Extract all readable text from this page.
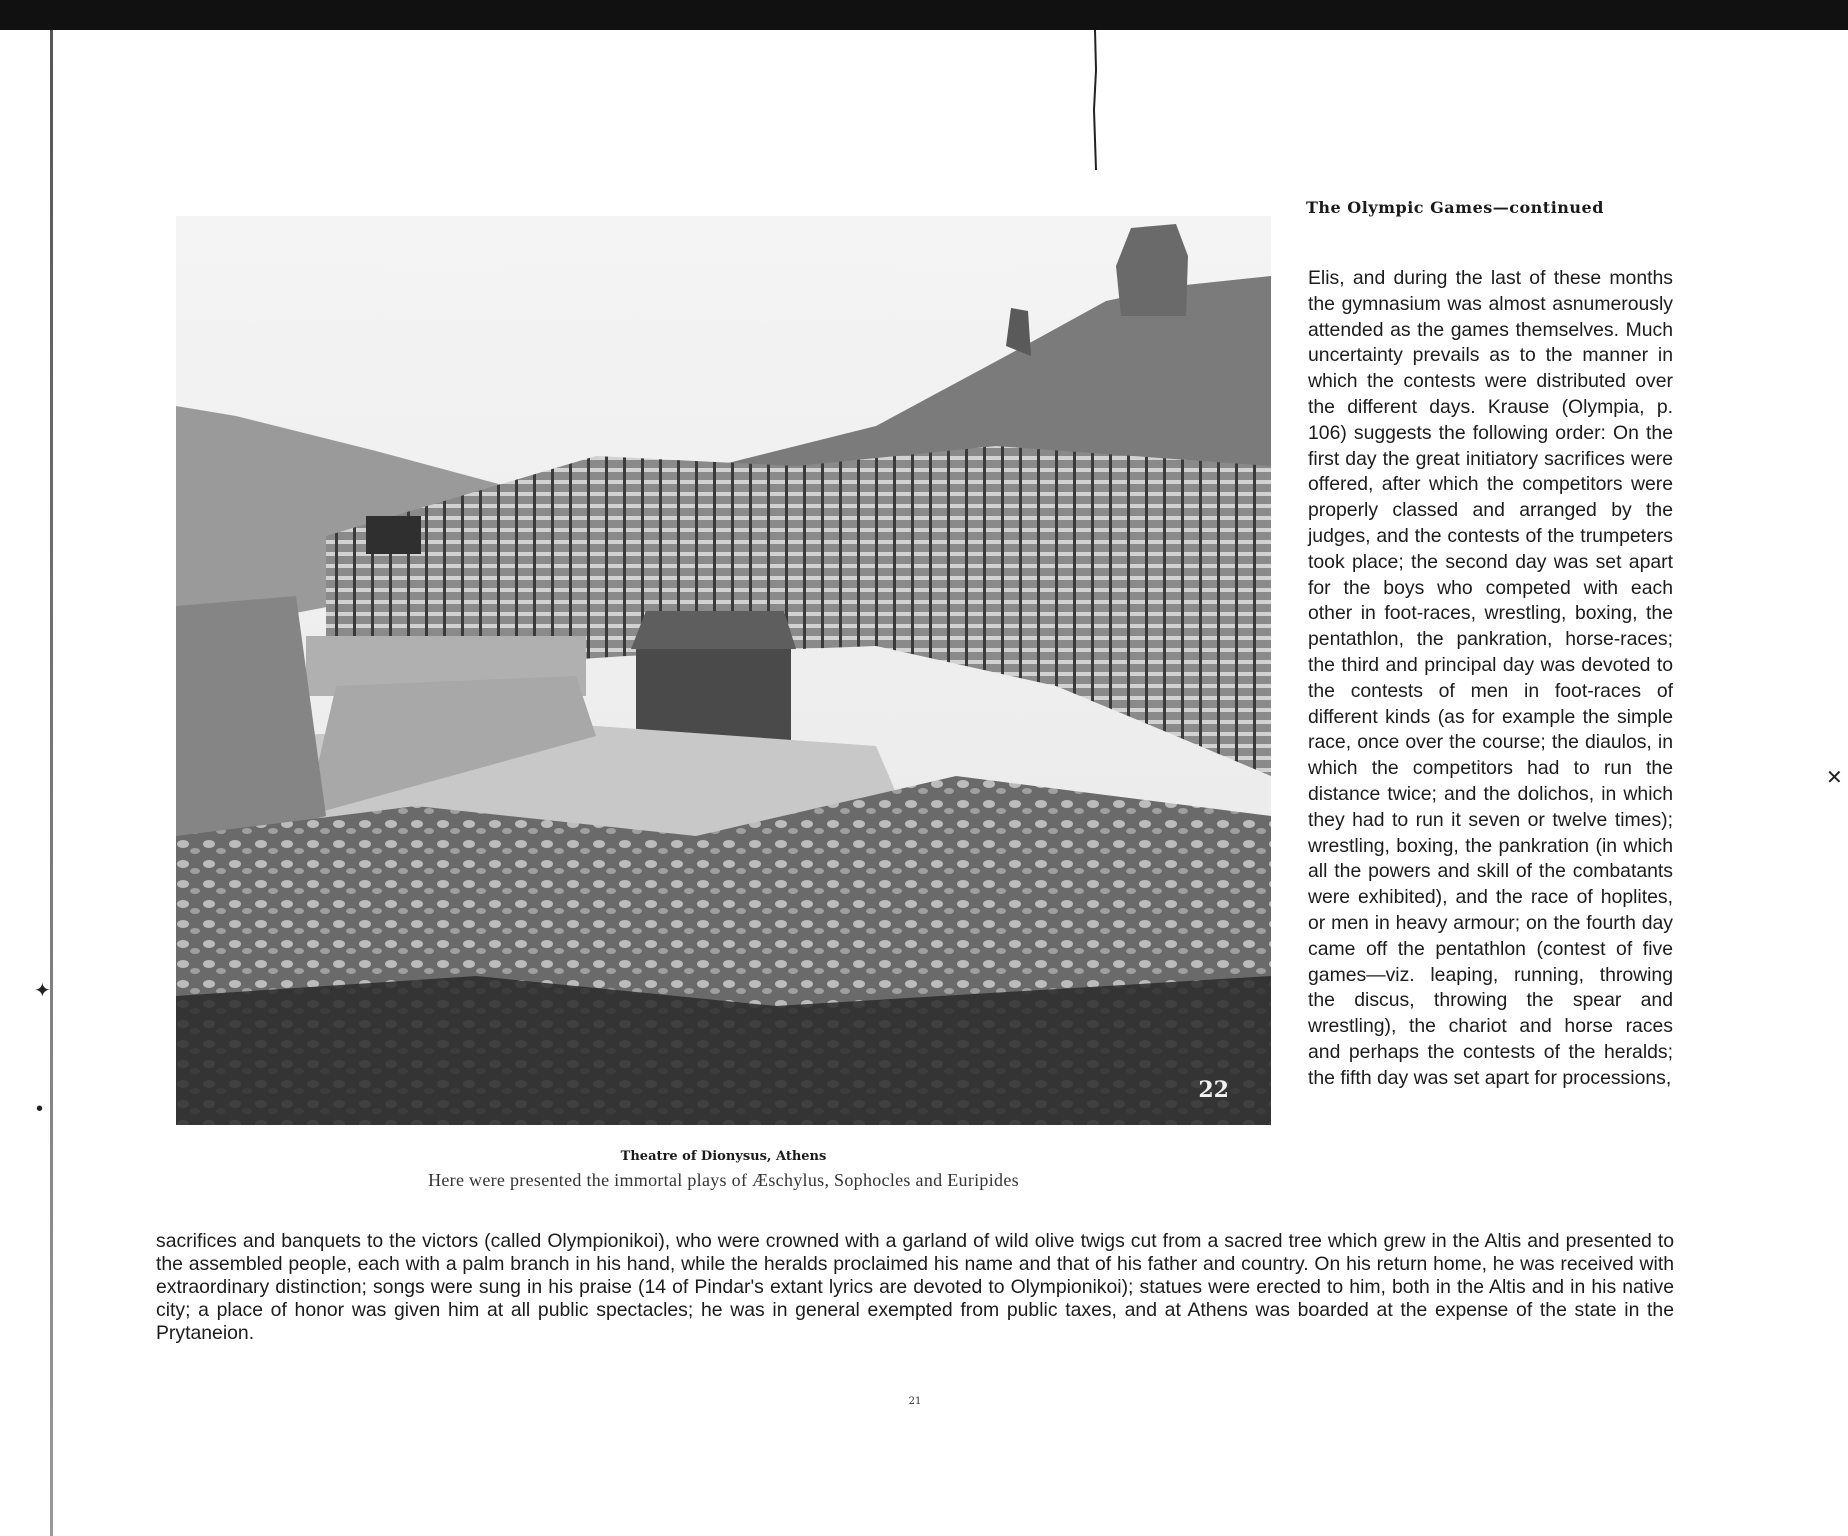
✦
•
✕
The Olympic Games—continued
22
Theatre of Dionysus, Athens
Here were presented the immortal plays of Æschylus, Sophocles and Euripides

Elis, and during the last of these months the gymnasium was almost asnumerously attended as the games themselves. Much uncertainty prevails as to the manner in which the contests were distributed over the different days. Krause (Olympia, p. 106) suggests the following order: On the first day the great initiatory sacrifices were offered, after which the competitors were properly classed and arranged by the judges, and the contests of the trumpeters took place; the second day was set apart for the boys who competed with each other in foot-races, wrestling, boxing, the pentathlon, the pankration, horse-races; the third and principal day was devoted to the contests of men in foot-races of different kinds (as for example the simple race, once over the course; the diaulos, in which the competitors had to run the distance twice; and the dolichos, in which they had to run it seven or twelve times); wrestling, boxing, the pankration (in which all the powers and skill of the combatants were exhibited), and the race of hoplites, or men in heavy armour; on the fourth day came off the pentathlon (contest of five games—viz. leaping, running, throwing the discus, throwing the spear and wrestling), the chariot and horse races and perhaps the contests of the heralds; the fifth day was set apart for processions,

sacrifices and banquets to the victors (called Olympionikoi), who were crowned with a garland of wild olive twigs cut from a sacred tree which grew in the Altis and presented to the assembled people, each with a palm branch in his hand, while the heralds proclaimed his name and that of his father and country. On his return home, he was received with extraordinary distinction; songs were sung in his praise (14 of Pindar's extant lyrics are devoted to Olympionikoi); statues were erected to him, both in the Altis and in his native city; a place of honor was given him at all public spectacles; he was in general exempted from public taxes, and at Athens was boarded at the expense of the state in the Prytaneion.

21
